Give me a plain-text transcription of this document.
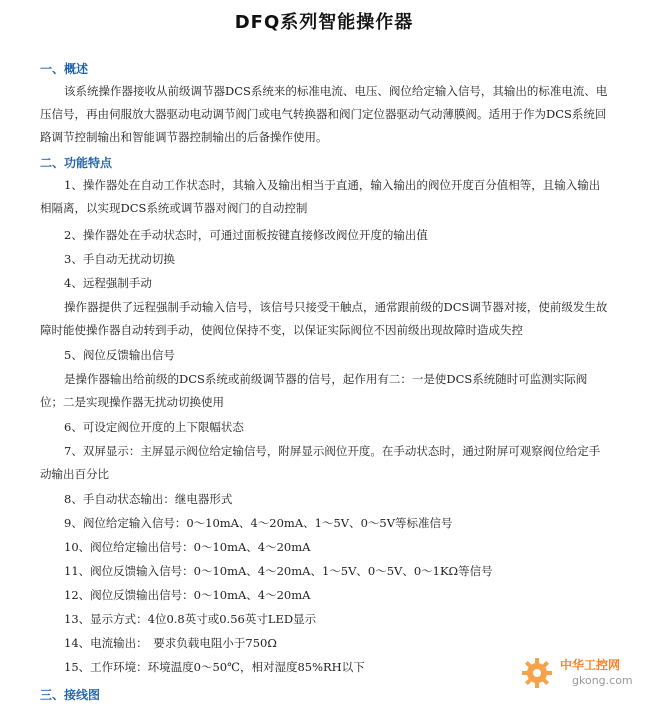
DFQ系列智能操作器
一、概述
该系统操作器接收从前级调节器DCS系统来的标准电流、电压、阀位给定输入信号，其输出的标准电流、电压信号，再由伺服放大器驱动电动调节阀门或电气转换器和阀门定位器驱动气动薄膜阀。适用于作为DCS系统回路调节控制输出和智能调节器控制输出的后备操作使用。
二、功能特点
1、操作器处在自动工作状态时，其输入及输出相当于直通，输入输出的阀位开度百分值相等，且输入输出相隔离，以实现DCS系统或调节器对阀门的自动控制
2、操作器处在手动状态时，可通过面板按键直接修改阀位开度的输出值
3、手自动无扰动切换
4、远程强制手动
操作器提供了远程强制手动输入信号，该信号只接受干触点，通常跟前级的DCS调节器对接，使前级发生故障时能使操作器自动转到手动，使阀位保持不变，以保证实际阀位不因前级出现故障时造成失控
5、阀位反馈输出信号
是操作器输出给前级的DCS系统或前级调节器的信号，起作用有二：一是使DCS系统随时可监测实际阀位；二是实现操作器无扰动切换使用
6、可设定阀位开度的上下限幅状态
7、双屏显示：主屏显示阀位给定输信号，附屏显示阀位开度。在手动状态时，通过附屏可观察阀位给定手动输出百分比
8、手自动状态输出：继电器形式
9、阀位给定输入信号：0～10mA、4～20mA、1～5V、0～5V等标准信号
10、阀位给定输出信号：0～10mA、4～20mA
11、阀位反馈输入信号：0～10mA、4～20mA、1～5V、0～5V、0～1KΩ等信号
12、阀位反馈输出信号：0～10mA、4～20mA
13、显示方式：4位0.8英寸或0.56英寸LED显示
14、电流输出：　要求负载电阻小于750Ω
15、工作环境：环境温度0～50℃，相对湿度85%RH以下
三、接线图
中华工控网
gkong.com
